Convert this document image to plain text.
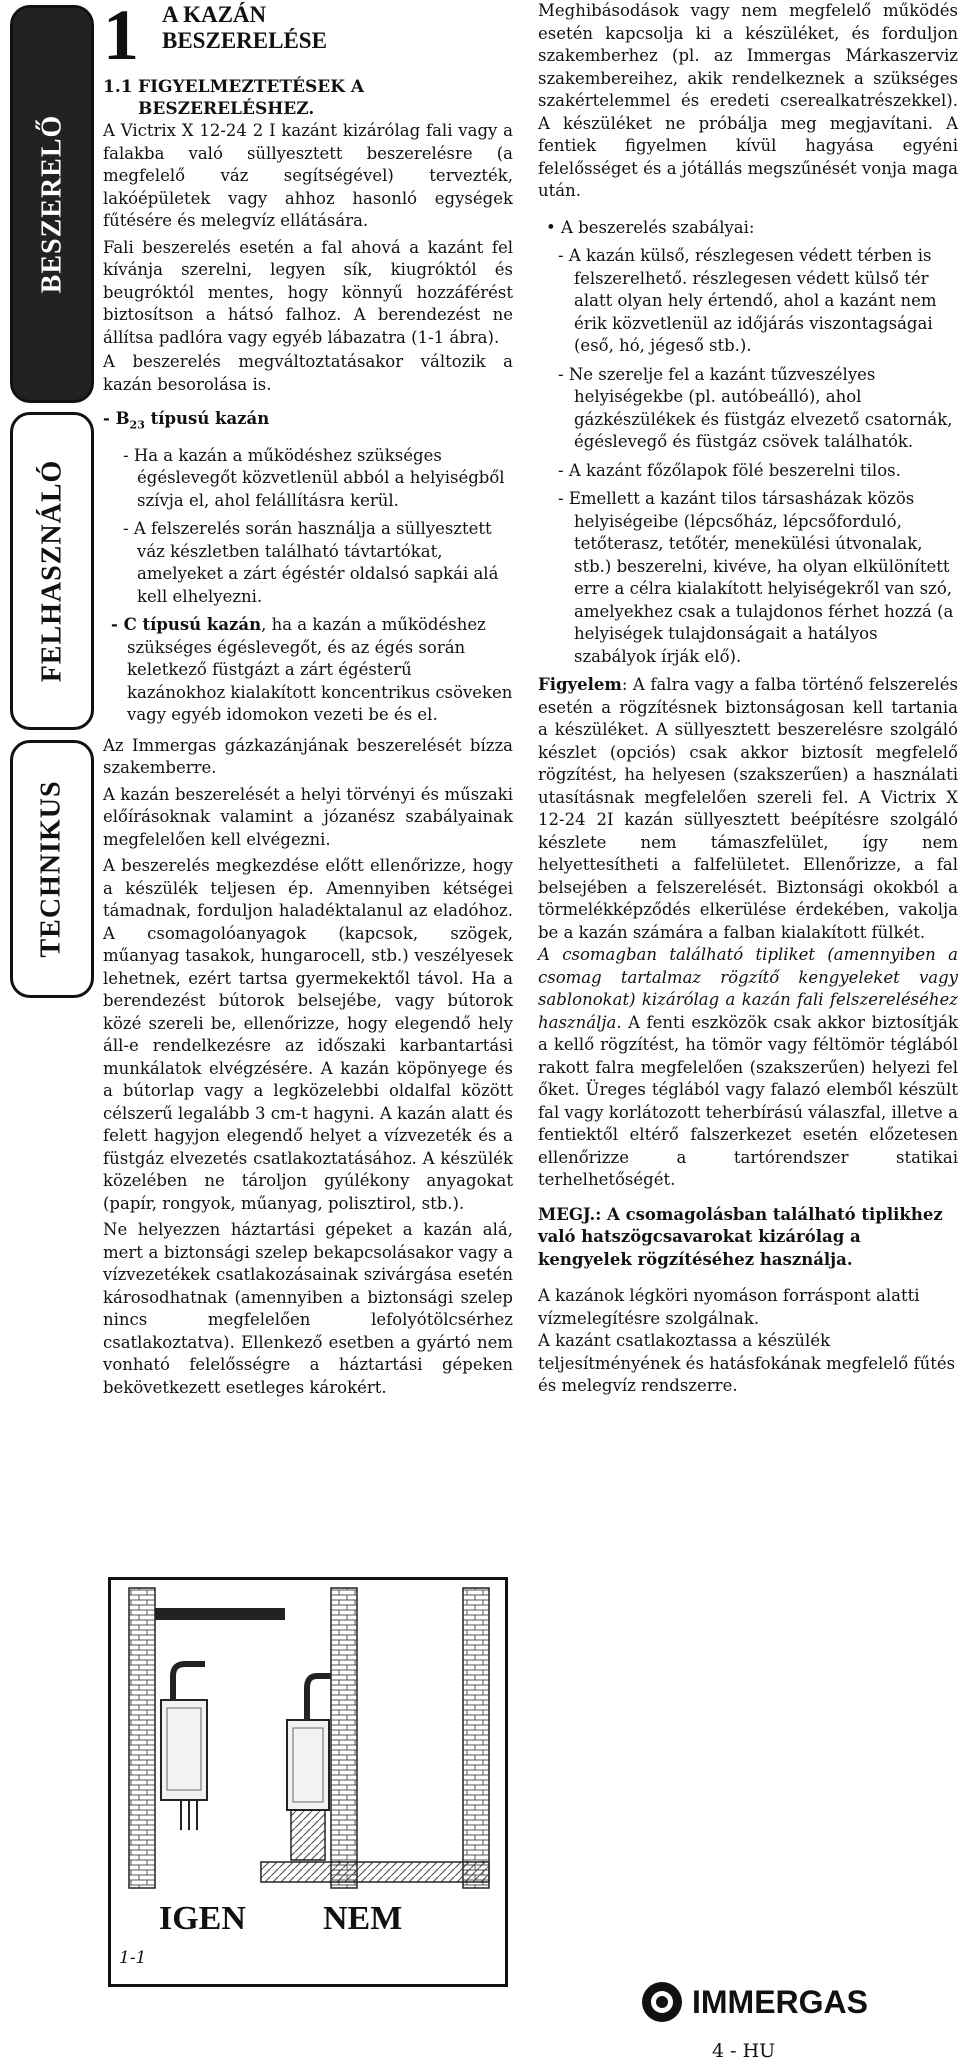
BESZERELŐ
FELHASZNÁLÓ
TECHNIKUS
1 A KAZÁN
BESZERELÉSE
1.1 FIGYELMEZTETÉSEK A
BESZERELÉSHEZ.

A Victrix X 12-24 2 I kazánt kizárólag fali vagy a falakba való süllyesztett beszerelésre (a megfelelő váz segítségével) tervezték, lakóépületek vagy ahhoz hasonló egységek fűtésére és melegvíz ellátására.

Fali beszerelés esetén a fal ahová a kazánt fel kívánja szerelni, legyen sík, kiugróktól és beugróktól mentes, hogy könnyű hozzáférést biztosítson a hátsó falhoz. A berendezést ne állítsa padlóra vagy egyéb lábazatra (1-1 ábra).

A beszerelés megváltoztatásakor változik a kazán besorolása is.

- $B_{23}$ típusú kazán

- Ha a kazán a működéshez szükséges égéslevegőt közvetlenül abból a helyiségből szívja el, ahol felállításra kerül.

- A felszerelés során használja a süllyesztett váz készletben található távtartókat, amelyeket a zárt égéstér oldalsó sapkái alá kell elhelyezni.

- C típusú kazán, ha a kazán a működéshez szükséges égéslevegőt, és az égés során keletkező füstgázt a zárt égésterű kazánokhoz kialakított koncentrikus csöveken vagy egyéb idomokon vezeti be és el.

Az Immergas gázkazánjának beszerelését bízza szakemberre.

A kazán beszerelését a helyi törvényi és műszaki előírásoknak valamint a józanész szabályainak megfelelően kell elvégezni.

A beszerelés megkezdése előtt ellenőrizze, hogy a készülék teljesen ép. Amennyiben kétségei támadnak, forduljon haladéktalanul az eladóhoz. A csomagolóanyagok (kapcsok, szögek, műanyag tasakok, hungarocell, stb.) veszélyesek lehetnek, ezért tartsa gyermekektől távol. Ha a berendezést bútorok belsejébe, vagy bútorok közé szereli be, ellenőrizze, hogy elegendő hely áll-e rendelkezésre az időszaki karbantartási munkálatok elvégzésére. A kazán köpönyege és a bútorlap vagy a legközelebbi oldalfal között célszerű legalább 3 cm-t hagyni. A kazán alatt és felett hagyjon elegendő helyet a vízvezeték és a füstgáz elvezetés csatlakoztatásához. A készülék közelében ne tároljon gyúlékony anyagokat (papír, rongyok, műanyag, polisztirol, stb.).

Ne helyezzen háztartási gépeket a kazán alá, mert a biztonsági szelep bekapcsolásakor vagy a vízvezetékek csatlakozásainak szivárgása esetén károsodhatnak (amennyiben a biztonsági szelep nincs megfelelően lefolyótölcsérhez csatlakoztatva). Ellenkező esetben a gyártó nem vonható felelősségre a háztartási gépeken bekövetkezett esetleges károkért.

Meghibásodások vagy nem megfelelő működés esetén kapcsolja ki a készüléket, és forduljon szakemberhez (pl. az Immergas Márkaszerviz szakembereihez, akik rendelkeznek a szükséges szakértelemmel és eredeti cserealkatrészekkel). A készüléket ne próbálja meg megjavítani. A fentiek figyelmen kívül hagyása egyéni felelősséget és a jótállás megszűnését vonja maga után.

• A beszerelés szabályai:

- A kazán külső, részlegesen védett térben is felszerelhető. részlegesen védett külső tér alatt olyan hely értendő, ahol a kazánt nem érik közvetlenül az időjárás viszontagságai (eső, hó, jégeső stb.).

- Ne szerelje fel a kazánt tűzveszélyes helyiségekbe (pl. autóbeálló), ahol gázkészülékek és füstgáz elvezető csatornák, égéslevegő és füstgáz csövek találhatók.

- A kazánt főzőlapok fölé beszerelni tilos.

- Emellett a kazánt tilos társasházak közös helyiségeibe (lépcsőház, lépcsőforduló, tetőterasz, tetőtér, menekülési útvonalak, stb.) beszerelni, kivéve, ha olyan elkülönített erre a célra kialakított helyiségekről van szó, amelyekhez csak a tulajdonos férhet hozzá (a helyiségek tulajdonságait a hatályos szabályok írják elő).

Figyelem: A falra vagy a falba történő felszerelés esetén a rögzítésnek biztonságosan kell tartania a készüléket. A süllyesztett beszerelésre szolgáló készlet (opciós) csak akkor biztosít megfelelő rögzítést, ha helyesen (szakszerűen) a használati utasításnak megfelelően szereli fel. A Victrix X 12-24 2I kazán süllyesztett beépítésre szolgáló készlete nem támaszfelület, így nem helyettesítheti a falfelületet. Ellenőrizze, a fal belsejében a felszerelését. Biztonsági okokból a törmelékképződés elkerülése érdekében, vakolja be a kazán számára a falban kialakított fülkét.

A csomagban található tipliket (amennyiben a csomag tartalmaz rögzítő kengyeleket vagy sablonokat) kizárólag a kazán fali felszereléséhez használja. A fenti eszközök csak akkor biztosítják a kellő rögzítést, ha tömör vagy féltömör téglából rakott falra megfelelően (szakszerűen) helyezi fel őket. Üreges téglából vagy falazó elemből készült fal vagy korlátozott teherbírású válaszfal, illetve a fentiektől eltérő falszerkezet esetén előzetesen ellenőrizze a tartórendszer statikai terhelhetőségét.

MEGJ.: A csomagolásban található tiplikhez való hatszögcsavarokat kizárólag a kengyelek rögzítéséhez használja.

A kazánok légköri nyomáson forráspont alatti vízmelegítésre szolgálnak.

A kazánt csatlakoztassa a készülék teljesítményének és hatásfokának megfelelő fűtés és melegvíz rendszerre.

IGEN NEM
1-1
IMMERGAS
4 - HU
